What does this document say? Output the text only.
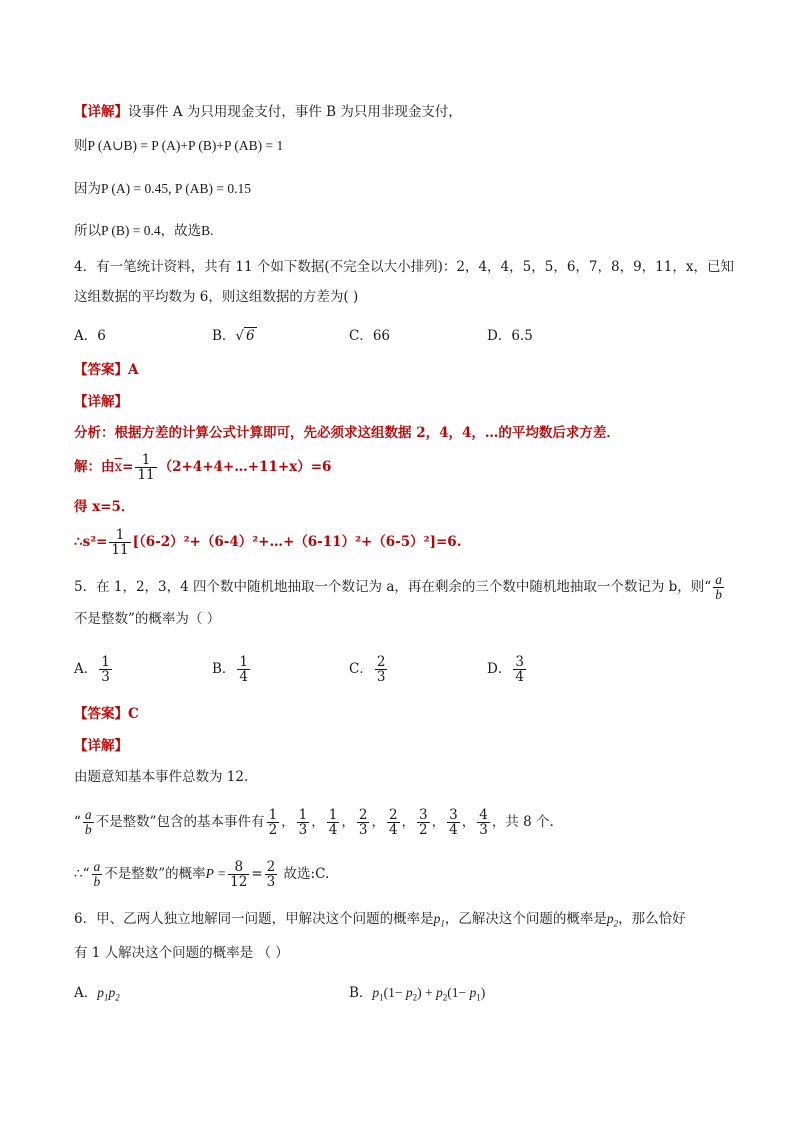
【详解】设事件 A 为只用现金支付，事件 B 为只用非现金支付，
则P (A∪B) = P (A)+P (B)+P (AB) = 1
因为P (A) = 0.45, P (AB) = 0.15
所以P (B) = 0.4，故选B.
4．有一笔统计资料，共有 11 个如下数据(不完全以大小排列)：2，4，4，5，5，6，7，8，9，11，x，已知
这组数据的平均数为 6，则这组数据的方差为( )
A．6	B．√ 6	C．66	D．6.5
【答案】A
【详解】
分析：根据方差的计算公式计算即可，先必须求这组数据 2，4，4，…的平均数后求方差．
解：由$\overline{x}= \frac{1}{11}$ （2+4+4+…+11+x）=6
得 x=5．
∴s²= $\frac{1}{11}$ [（6-2）²+（6-4）²+…+（6-11）²+（6-5）²]=6.
5．在 1，2，3，4 四个数中随机地抽取一个数记为 a，再在剩余的三个数中随机地抽取一个数记为 b，则“ $\frac{a}{b}$
不是整数”的概率为（ ）
A． $\frac{1}{3}$	B． $\frac{1}{4}$	C． $\frac{2}{3}$	D． $\frac{3}{4}$
【答案】C
【详解】
由题意知基本事件总数为 12.
“ $\frac{a}{b}$ 不是整数”包含的基本事件有 $\frac{1}{2}$ ， $\frac{1}{3}$ ， $\frac{1}{4}$ ， $\frac{2}{3}$ ， $\frac{2}{4}$ ， $\frac{3}{2}$ ， $\frac{3}{4}$ ， $\frac{4}{3}$ ，共 8 个.
∴“ $\frac{a}{b}$ 不是整数”的概率$P = \frac{8}{12} = \frac{2}{3}$ 故选:C.
6．甲、乙两人独立地解同一问题，甲解决这个问题的概率是$p_1$，乙解决这个问题的概率是$p_2$，那么恰好
有 1 人解决这个问题的概率是 （ ）
A．$p_1p_2$	B．$p_1(1- p_2) + p_2(1- p_1)$
